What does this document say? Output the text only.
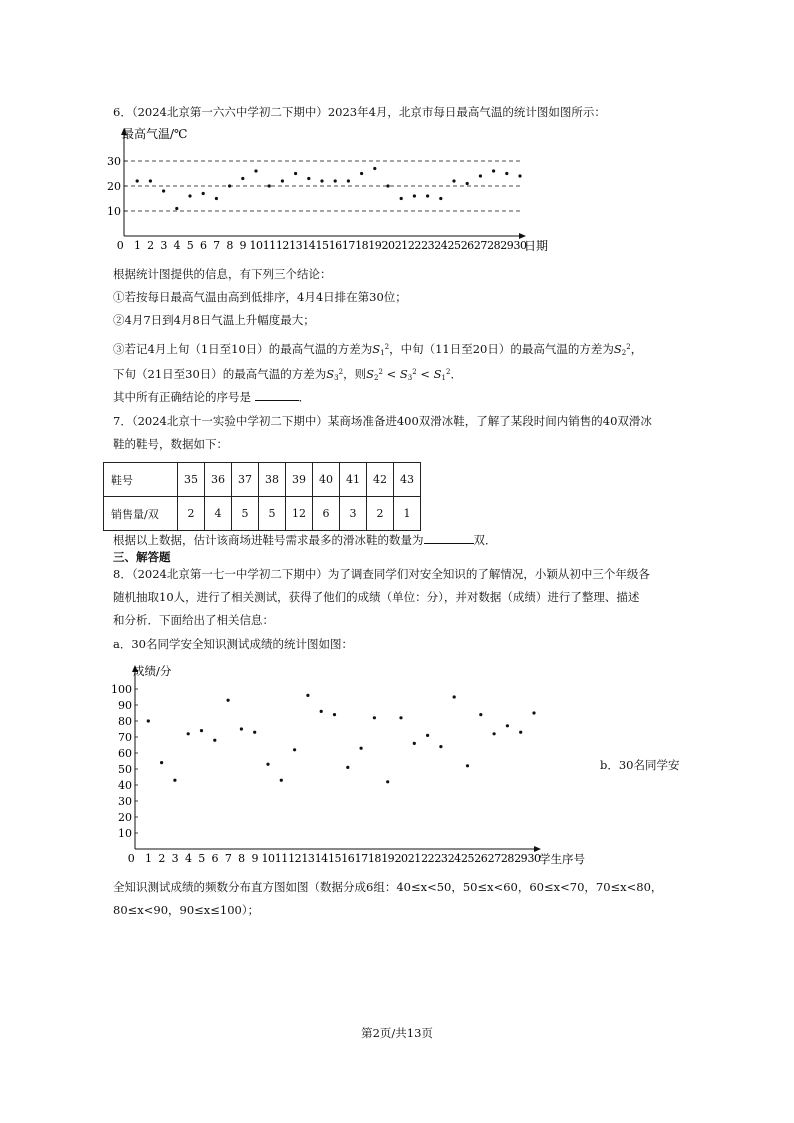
6．（2024北京第一六六中学初二下期中）2023年4月，北京市每日最高气温的统计图如图所示：
10
20
30
0 1 2 3 4 5 6 7 8 9 10 11 12 13 14 15 16 17 18 19 20 21 22 23 24 25 26 27 28 29 30
最高气温/℃
日期
根据统计图提供的信息，有下列三个结论：
①若按每日最高气温由高到低排序，4月4日排在第30位；
②4月7日到4月8日气温上升幅度最大；
③若记4月上旬（1日至10日）的最高气温的方差为$S_1^2$，中旬（11日至20日）的最高气温的方差为$S_2^2$，
下旬（21日至30日）的最高气温的方差为$S_3^2$，则$S_2^2 < S_3^2 < S_1^2$．
其中所有正确结论的序号是	．
7．（2024北京十一实验中学初二下期中）某商场准备进400双滑冰鞋，了解了某段时间内销售的40双滑冰
鞋的鞋号，数据如下：
鞋号	35	36	37	38	39	40	41	42	43
销售量/双	2	4	5	5	12	6	3	2	1
根据以上数据，估计该商场进鞋号需求最多的滑冰鞋的数量为	双．
三、解答题
8．（2024北京第一七一中学初二下期中）为了调查同学们对安全知识的了解情况，小颖从初中三个年级各
随机抽取10人，进行了相关测试，获得了他们的成绩（单位：分），并对数据（成绩）进行了整理、描述
和分析．下面给出了相关信息：
a．30名同学安全知识测试成绩的统计图如图：
10
20
30
40
50
60
70
80
90
100
0 1 2 3 4 5 6 7 8 9 10 11 12 13 14 15 16 17 18 19 20 21 22 23 24 25 26 27 28 29 30
成绩/分
学生序号
b．30名同学安
全知识测试成绩的频数分布直方图如图（数据分成6组：40≤x<50，50≤x<60，60≤x<70，70≤x<80，
80≤x<90，90≤x≤100）；
第2页/共13页
